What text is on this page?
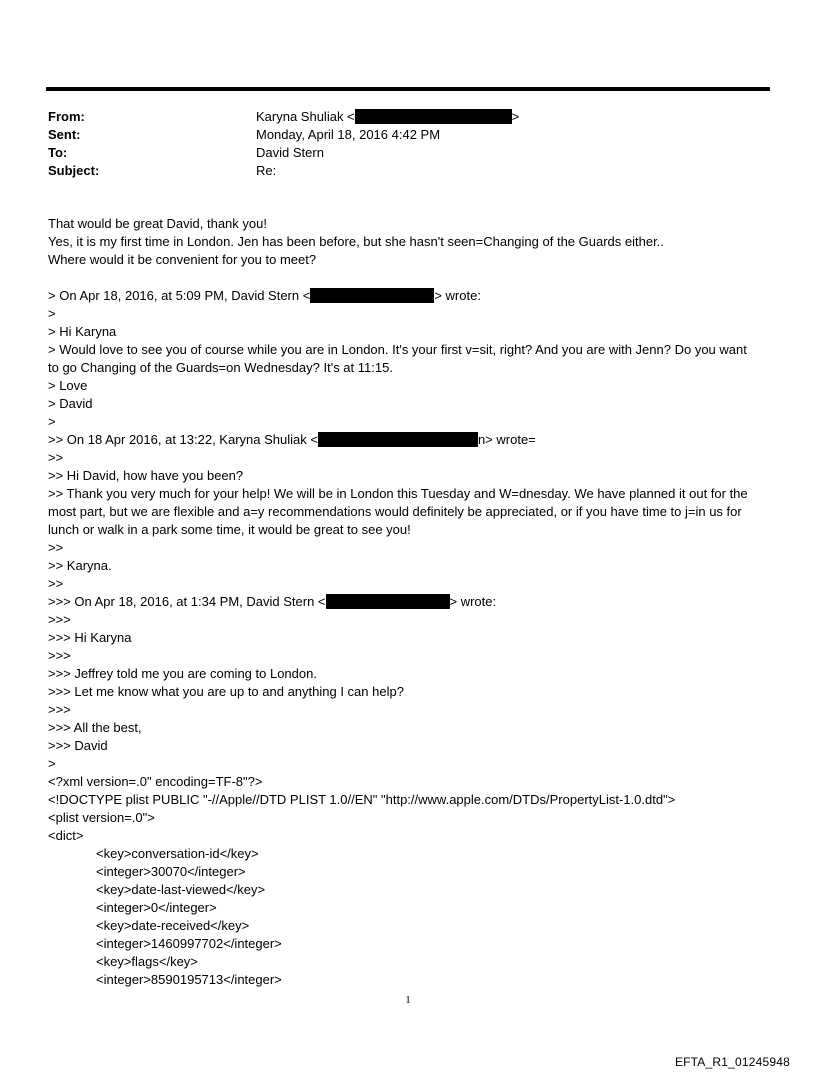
From:	Karyna Shuliak <	>
Sent:	Monday, April 18, 2016 4:42 PM
To:	David Stern
Subject:	Re:
That would be great David, thank you!
Yes, it is my first time in London. Jen has been before, but she hasn't seen=Changing of the Guards either..
Where would it be convenient for you to meet?
> On Apr 18, 2016, at 5:09 PM, David Stern <	> wrote:
>
> Hi Karyna
> Would love to see you of course while you are in London. It's your first v=sit, right? And you are with Jenn? Do you want to go Changing of the Guards=on Wednesday? It's at 11:15.
> Love
> David
>
>> On 18 Apr 2016, at 13:22, Karyna Shuliak <	n> wrote=
>>
>> Hi David, how have you been?
>> Thank you very much for your help! We will be in London this Tuesday and W=dnesday. We have planned it out for the most part, but we are flexible and a=y recommendations would definitely be appreciated, or if you have time to j=in us for lunch or walk in a park some time, it would be great to see you!
>>
>> Karyna.
>>
>>> On Apr 18, 2016, at 1:34 PM, David Stern <	> wrote:
>>>
>>> Hi Karyna
>>>
>>> Jeffrey told me you are coming to London.
>>> Let me know what you are up to and anything I can help?
>>>
>>> All the best,
>>> David
>
<?xml version=.0" encoding=TF-8"?>
<!DOCTYPE plist PUBLIC "-//Apple//DTD PLIST 1.0//EN" "http://www.apple.com/DTDs/PropertyList-1.0.dtd">
<plist version=.0">
<dict>
<key>conversation-id</key>
<integer>30070</integer>
<key>date-last-viewed</key>
<integer>0</integer>
<key>date-received</key>
<integer>1460997702</integer>
<key>flags</key>
<integer>8590195713</integer>
1
EFTA_R1_01245948
